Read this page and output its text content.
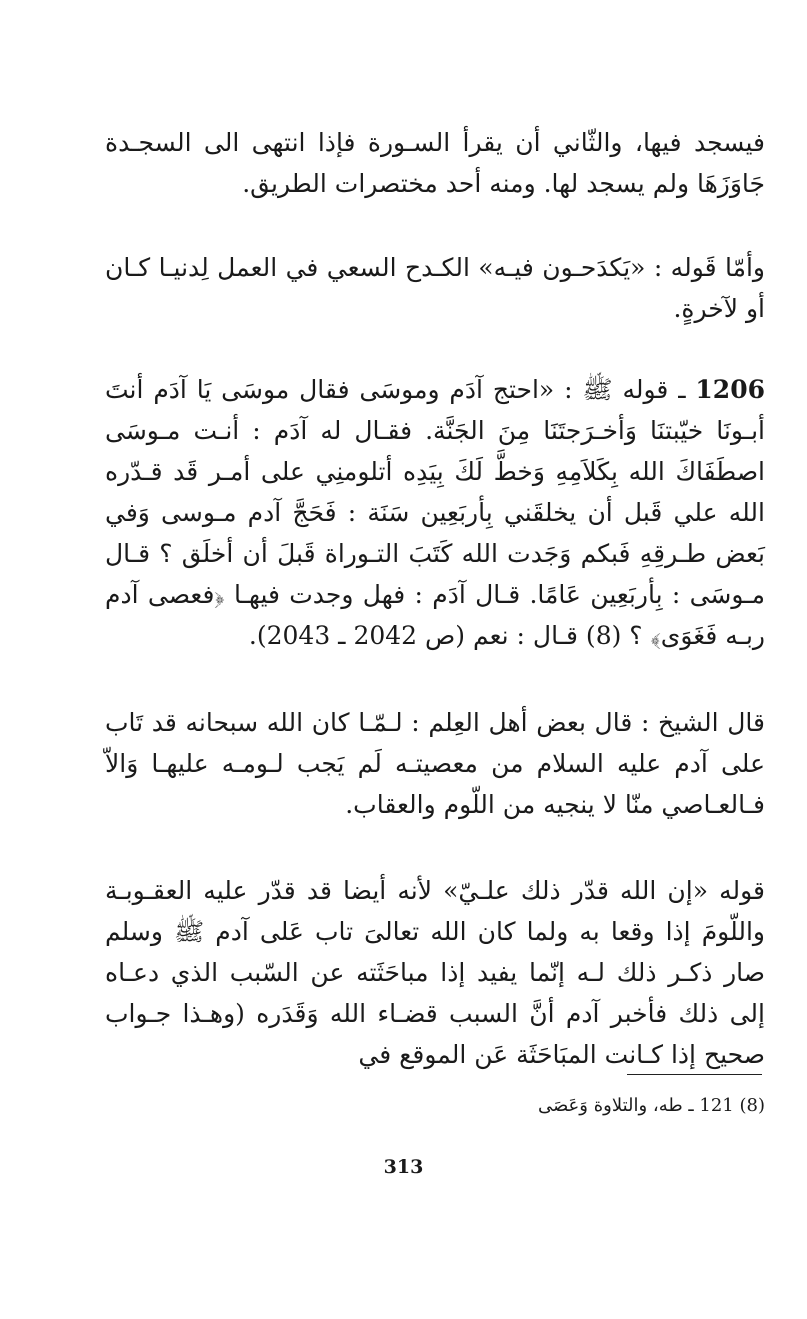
فيسجد فيها، والثّاني أن يقرأ السـورة فإذا انتهى الى السجـدة جَاوَزَهَا ولم يسجد لها. ومنه أحد مختصرات الطريق.

وأمّا قَوله : «يَكدَحـون فيـه» الكـدح السعي في العمل لِدنيـا كـان أو لآخرةٍ.

1206 ـ قوله ﷺ : «احتج آدَم وموسَى فقال موسَى يَا آدَم أنتَ أبـونَا خيّبتنَا وَأخـرَجتَنَا مِنَ الجَنَّة. فقـال له آدَم : أنـت مـوسَى اصطَفَاكَ الله بِكَلاَمِهِ وَخطَّ لَكَ بِيَدِه أتلومنِي على أمـر قَد قـدّره الله علي قَبل أن يخلقَني بِأربَعِين سَنَة : فَحَجَّ آدم مـوسى وَفي بَعض طـرقِهِ فَبكم وَجَدت الله كَتَبَ التـوراة قَبلَ أن أخلَق ؟ قـال مـوسَى : بِأربَعِين عَامًا. قـال آدَم : فهل وجدت فيهـا ﴿فعصى آدم ربـه فَغَوَى﴾ ؟ (8) قـال : نعم (ص 2042 ـ 2043).

قال الشيخ : قال بعض أهل العِلم : لـمّـا كان الله سبحانه قد تَاب على آدم عليه السلام من معصيتـه لَم يَجب لـومـه عليهـا وَالاّ فـالعـاصي منّا لا ينجيه من اللّوم والعقاب.

قوله «إن الله قدّر ذلك علـيّ» لأنه أيضا قد قدّر عليه العقـوبـة واللّومَ إذا وقعا به ولما كان الله تعالىَ تاب عَلى آدم ﷺ وسلم صار ذكـر ذلك لـه إنّما يفيد إذا مباحَثَته عن السّبب الذي دعـاه إلى ذلك فأخبر آدم أنَّ السبب قضـاء الله وَقَدَره (وهـذا جـواب صحيح إذا كـانت المبَاحَثَة عَن الموقع في

(8) 121 ـ طه، والتلاوة وَعَصَى

313
